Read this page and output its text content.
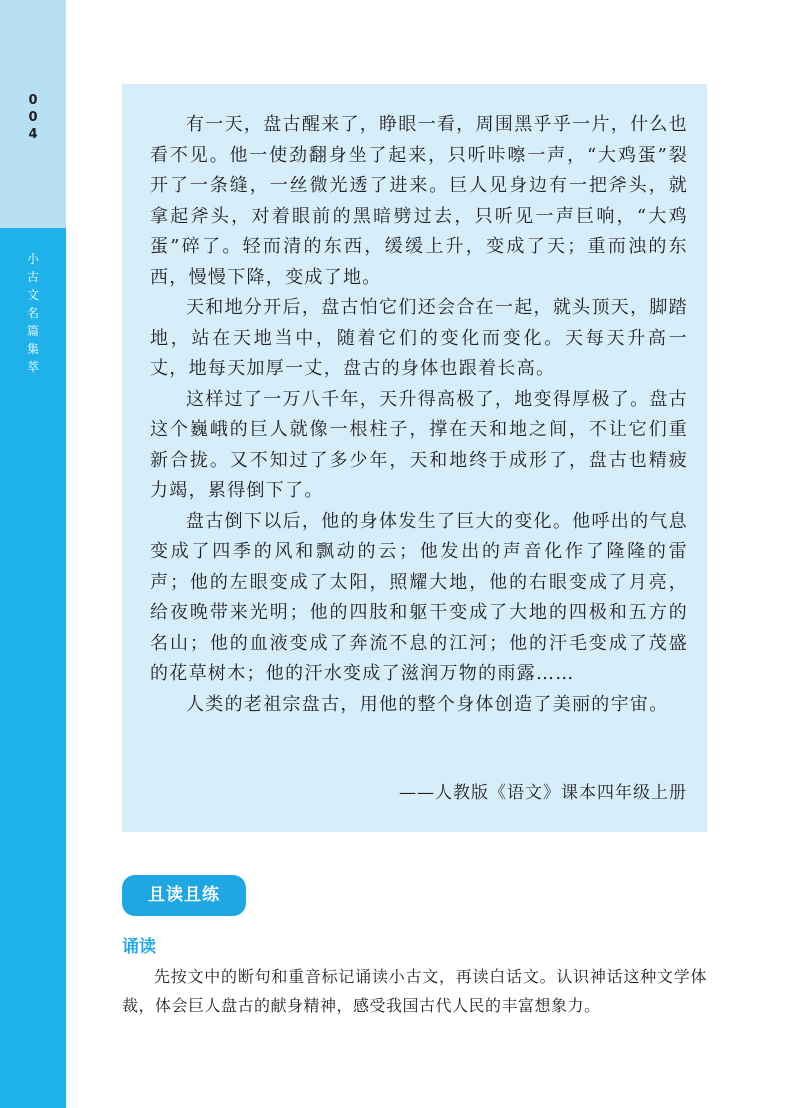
0
0
4
小
古
文
名
篇
集
萃

有一天，盘古醒来了，睁眼一看，周围黑乎乎一片，什么也看不见。他一使劲翻身坐了起来，只听咔嚓一声，“大鸡蛋”裂开了一条缝，一丝微光透了进来。巨人见身边有一把斧头，就拿起斧头，对着眼前的黑暗劈过去，只听见一声巨响，“大鸡蛋”碎了。轻而清的东西，缓缓上升，变成了天；重而浊的东西，慢慢下降，变成了地。

天和地分开后，盘古怕它们还会合在一起，就头顶天，脚踏地，站在天地当中，随着它们的变化而变化。天每天升高一丈，地每天加厚一丈，盘古的身体也跟着长高。

这样过了一万八千年，天升得高极了，地变得厚极了。盘古这个巍峨的巨人就像一根柱子，撑在天和地之间，不让它们重新合拢。又不知过了多少年，天和地终于成形了，盘古也精疲力竭，累得倒下了。

盘古倒下以后，他的身体发生了巨大的变化。他呼出的气息变成了四季的风和飘动的云；他发出的声音化作了隆隆的雷声；他的左眼变成了太阳，照耀大地，他的右眼变成了月亮，给夜晚带来光明；他的四肢和躯干变成了大地的四极和五方的名山；他的血液变成了奔流不息的江河；他的汗毛变成了茂盛的花草树木；他的汗水变成了滋润万物的雨露……

人类的老祖宗盘古，用他的整个身体创造了美丽的宇宙。

——人教版《语文》课本四年级上册
且读且练
诵读

先按文中的断句和重音标记诵读小古文，再读白话文。认识神话这种文学体裁，体会巨人盘古的献身精神，感受我国古代人民的丰富想象力。
